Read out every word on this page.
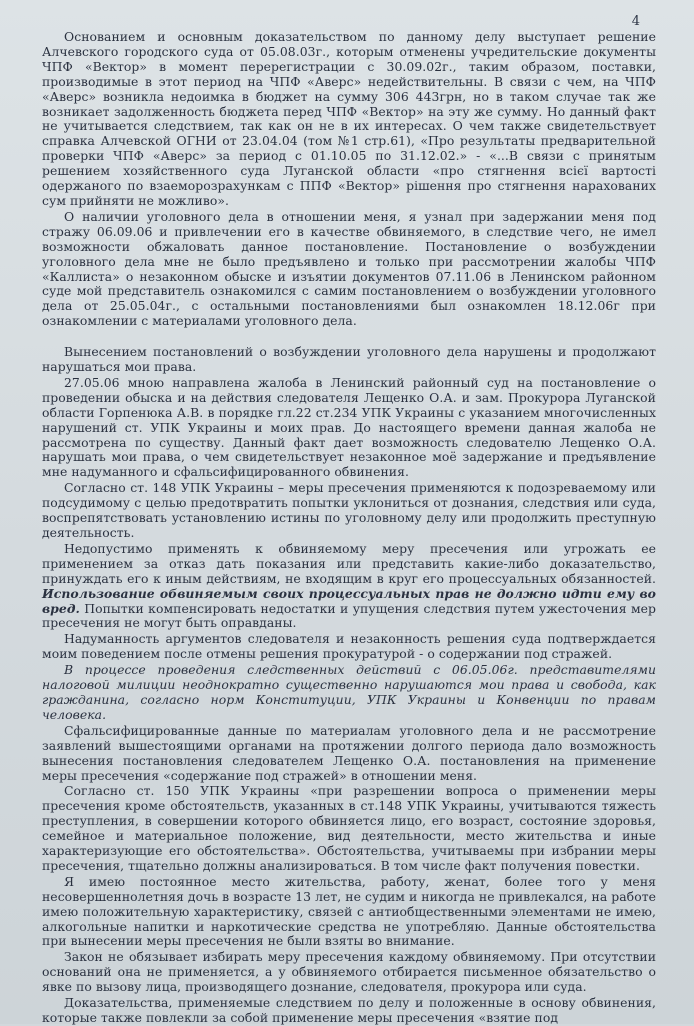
4

Основанием и основным доказательством по данному делу выступает решение Алчевского городского суда от 05.08.03г., которым отменены учредительские документы ЧПФ «Вектор» в момент перерегистрации с 30.09.02г., таким образом, поставки, производимые в этот период на ЧПФ «Аверс» недействительны. В связи с чем, на ЧПФ «Аверс» возникла недоимка в бюджет на сумму 306 443грн, но в таком случае так же возникает задолженность бюджета перед ЧПФ «Вектор» на эту же сумму. Но данный факт не учитывается следствием, так как он не в их интересах. О чем также свидетельствует справка Алчевской ОГНИ от 23.04.04 (том №1 стр.61), «Про результаты предварительной проверки ЧПФ «Аверс» за период с 01.10.05 по 31.12.02.» - «...В связи с принятым решением хозяйственного суда Луганской области «про стягнення всієї вартості одержаного по взаеморозрахункам с ППФ «Вектор» рішення про стягнення нарахованих сум прийняти не можливо».

О наличии уголовного дела в отношении меня, я узнал при задержании меня под стражу 06.09.06 и привлечении его в качестве обвиняемого, в следствие чего, не имел возможности обжаловать данное постановление. Постановление о возбуждении уголовного дела мне не было предъявлено и только при рассмотрении жалобы ЧПФ «Каллиста» о незаконном обыске и изъятии документов 07.11.06 в Ленинском районном суде мой представитель ознакомился с самим постановлением о возбуждении уголовного дела от 25.05.04г., с остальными постановлениями был ознакомлен 18.12.06г при ознакомлении с материалами уголовного дела.

Вынесением постановлений о возбуждении уголовного дела нарушены и продолжают нарушаться мои права.

27.05.06 мною направлена жалоба в Ленинский районный суд на постановление о проведении обыска и на действия следователя Лещенко О.А. и зам. Прокурора Луганской области Горпенюка А.В. в порядке гл.22 ст.234 УПК Украины с указанием многочисленных нарушений ст. УПК Украины и моих прав. До настоящего времени данная жалоба не рассмотрена по существу. Данный факт дает возможность следователю Лещенко О.А. нарушать мои права, о чем свидетельствует незаконное моё задержание и предъявление мне надуманного и сфальсифицированного обвинения.

Согласно ст. 148 УПК Украины – меры пресечения применяются к подозреваемому или подсудимому с целью предотвратить попытки уклониться от дознания, следствия или суда, воспрепятствовать установлению истины по уголовному делу или продолжить преступную деятельность.

Недопустимо применять к обвиняемому меру пресечения или угрожать ее применением за отказ дать показания или представить какие-либо доказательство, принуждать его к иным действиям, не входящим в круг его процессуальных обязанностей. Использование обвиняемым своих процессуальных прав не должно идти ему во вред. Попытки компенсировать недостатки и упущения следствия путем ужесточения мер пресечения не могут быть оправданы.

Надуманность аргументов следователя и незаконность решения суда подтверждается моим поведением после отмены решения прокуратурой - о содержании под стражей.

В процессе проведения следственных действий с 06.05.06г. представителями налоговой милиции неоднократно существенно нарушаются мои права и свобода, как гражданина, согласно норм Конституции, УПК Украины и Конвенции по правам человека.

Сфальсифицированные данные по материалам уголовного дела и не рассмотрение заявлений вышестоящими органами на протяжении долгого периода дало возможность вынесения постановления следователем Лещенко О.А. постановления на применение меры пресечения «содержание под стражей» в отношении меня.

Согласно ст. 150 УПК Украины «при разрешении вопроса о применении меры пресечения кроме обстоятельств, указанных в ст.148 УПК Украины, учитываются тяжесть преступления, в совершении которого обвиняется лицо, его возраст, состояние здоровья, семейное и материальное положение, вид деятельности, место жительства и иные характеризующие его обстоятельства». Обстоятельства, учитываемы при избрании меры пресечения, тщательно должны анализироваться. В том числе факт получения повестки.

Я имею постоянное место жительства, работу, женат, более того у меня несовершеннолетняя дочь в возрасте 13 лет, не судим и никогда не привлекался, на работе имею положительную характеристику, связей с антиобщественными элементами не имею, алкогольные напитки и наркотические средства не употребляю. Данные обстоятельства при вынесении меры пресечения не были взяты во внимание.

Закон не обязывает избирать меру пресечения каждому обвиняемому. При отсутствии оснований она не применяется, а у обвиняемого отбирается письменное обязательство о явке по вызову лица, производящего дознание, следователя, прокурора или суда.

Доказательства, применяемые следствием по делу и положенные в основу обвинения, которые также повлекли за собой применение меры пресечения «взятие под
